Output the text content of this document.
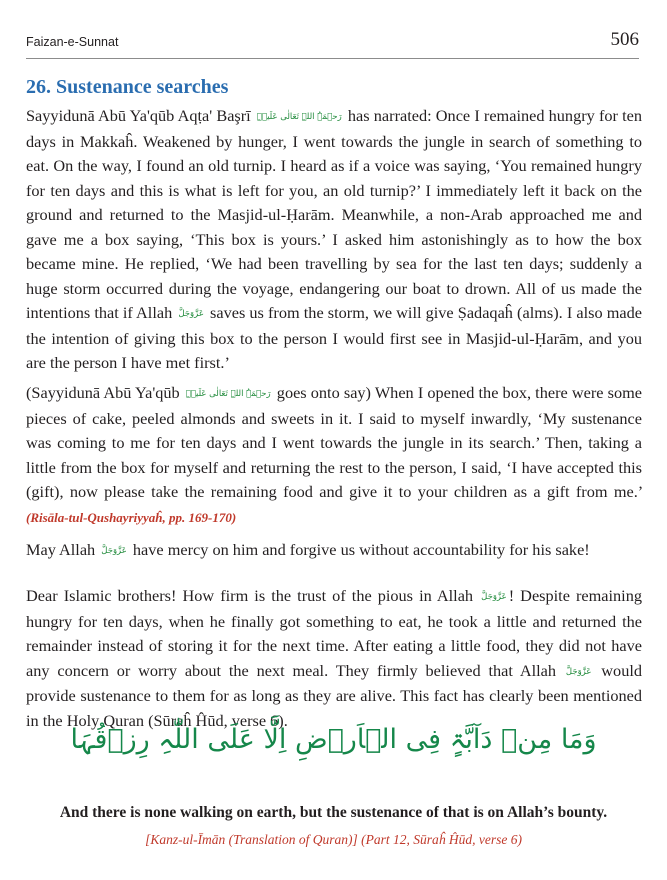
Faizan-e-Sunnat	506
26. Sustenance searches

Sayyidunā Abū Ya'qūb Aqṭa' Başrī رَحۡمَۃُ اللہِ تَعَالٰی عَلَیۡہِ has narrated: Once I remained hungry for ten days in Makkaĥ. Weakened by hunger, I went towards the jungle in search of something to eat. On the way, I found an old turnip. I heard as if a voice was saying, ‘You remained hungry for ten days and this is what is left for you, an old turnip?’ I immediately left it back on the ground and returned to the Masjid-ul-Ḥarām. Meanwhile, a non-Arab approached me and gave me a box saying, ‘This box is yours.’ I asked him astonishingly as to how the box became mine. He replied, ‘We had been travelling by sea for the last ten days; suddenly a huge storm occurred during the voyage, endangering our boat to drown. All of us made the intentions that if Allah عَزَّوَجَلَّ saves us from the storm, we will give Ṣadaqaĥ (alms). I also made the intention of giving this box to the person I would first see in Masjid-ul-Ḥarām, and you are the person I have met first.’

(Sayyidunā Abū Ya'qūb رَحۡمَۃُ اللہِ تَعَالٰی عَلَیۡہِ goes onto say) When I opened the box, there were some pieces of cake, peeled almonds and sweets in it. I said to myself inwardly, ‘My sustenance was coming to me for ten days and I went towards the jungle in its search.’ Then, taking a little from the box for myself and returning the rest to the person, I said, ‘I have accepted this (gift), now please take the remaining food and give it to your children as a gift from me.’ (Risāla-tul-Qushayriyyaĥ, pp. 169-170)

May Allah عَزَّوَجَلَّ have mercy on him and forgive us without accountability for his sake!

Dear Islamic brothers! How firm is the trust of the pious in Allah عَزَّوَجَلَّ ! Despite remaining hungry for ten days, when he finally got something to eat, he took a little and returned the remainder instead of storing it for the next time. After eating a little food, they did not have any concern or worry about the next meal. They firmly believed that Allah عَزَّوَجَلَّ would provide sustenance to them for as long as they are alive. This fact has clearly been mentioned in the Holy Quran (Sūraĥ Ĥūd, verse 6).

وَمَا مِنۡ دَآبَّۃٍ فِی الۡاَرۡضِ اِلَّا عَلَی اللّٰہِ رِزۡقُہَا

And there is none walking on earth, but the sustenance of that is on Allah’s bounty.

[Kanz-ul-Īmān (Translation of Quran)] (Part 12, Sūraĥ Ĥūd, verse 6)
